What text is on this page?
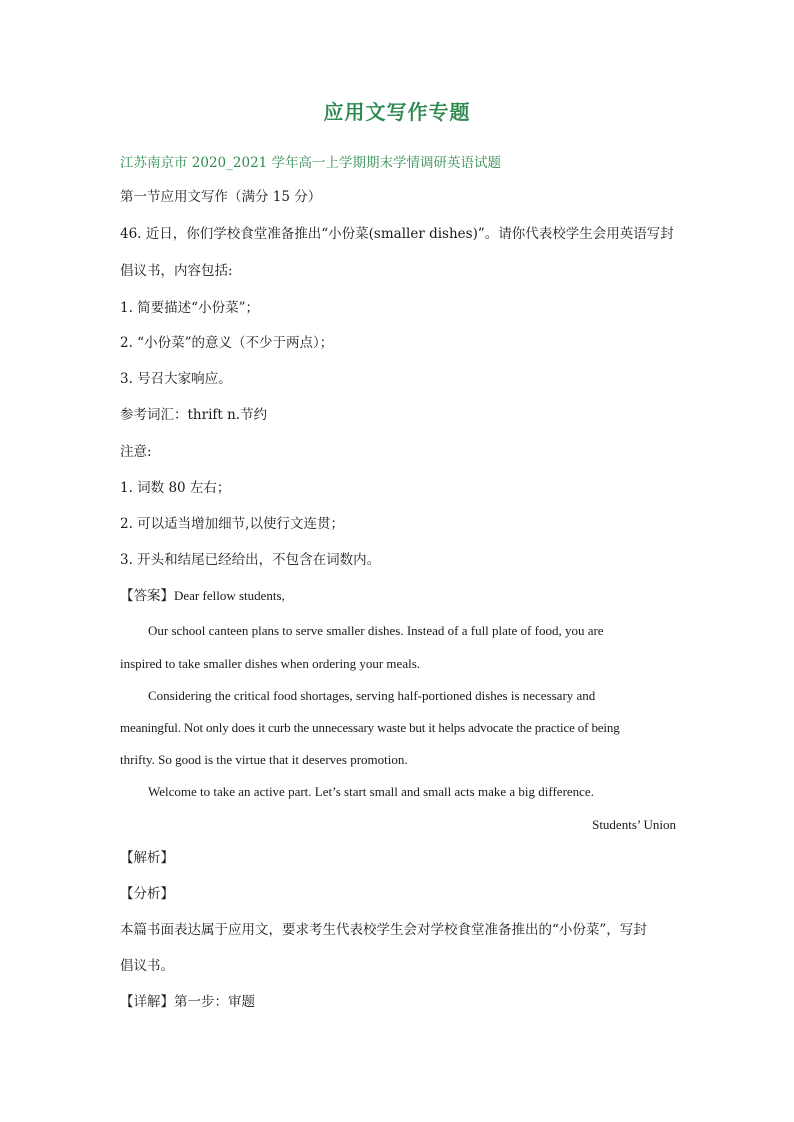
应用文写作专题

江苏南京市 2020_2021 学年高一上学期期末学情调研英语试题

第一节应用文写作（满分 15 分）

46. 近日，你们学校食堂准备推出“小份菜(smaller dishes)”。请你代表校学生会用英语写封

倡议书，内容包括:

1. 简要描述“小份菜”；

2. “小份菜”的意义（不少于两点）；

3. 号召大家响应。

参考词汇：thrift n.节约

注意:

1. 词数 80 左右；

2. 可以适当增加细节,以使行文连贯；

3. 开头和结尾已经给出，不包含在词数内。

【答案】Dear fellow students,

Our school canteen plans to serve smaller dishes. Instead of a full plate of food, you are

inspired to take smaller dishes when ordering your meals.

Considering the critical food shortages, serving half-portioned dishes is necessary and

meaningful. Not only does it curb the unnecessary waste but it helps advocate the practice of being

thrifty. So good is the virtue that it deserves promotion.

Welcome to take an active part. Let’s start small and small acts make a big difference.

Students’ Union

【解析】

【分析】

本篇书面表达属于应用文，要求考生代表校学生会对学校食堂准备推出的“小份菜”，写封

倡议书。

【详解】第一步：审题
